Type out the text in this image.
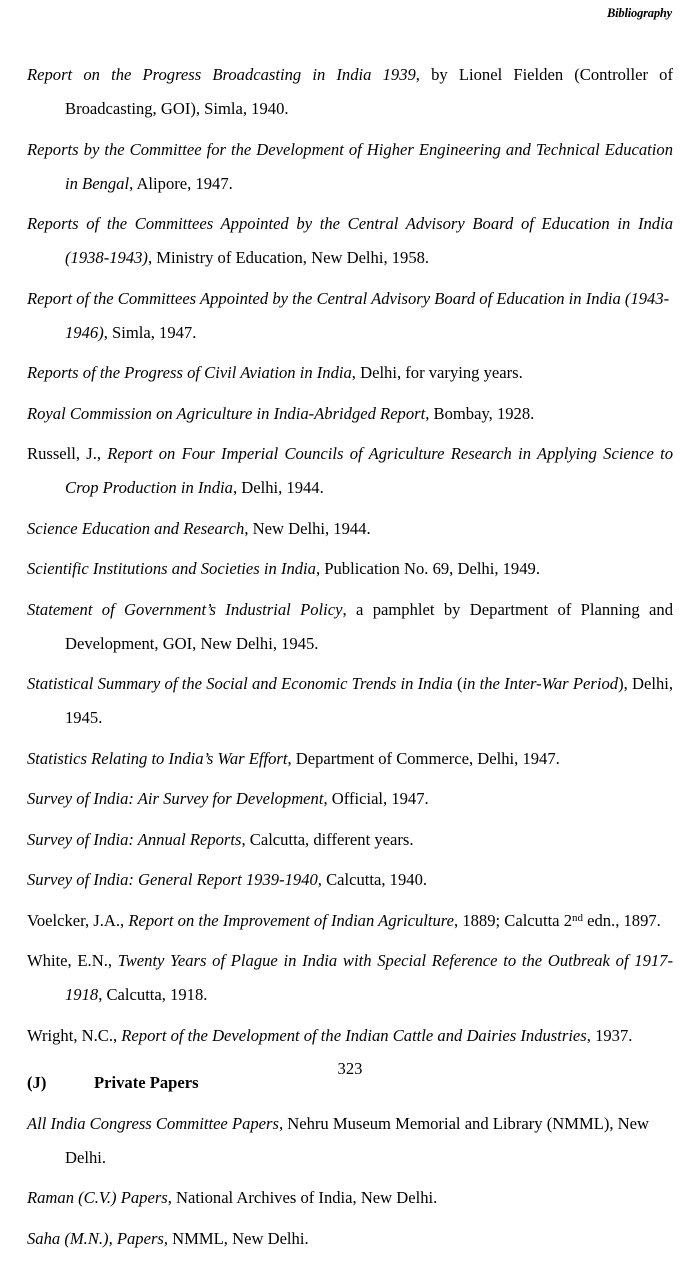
Bibliography

Report on the Progress Broadcasting in India 1939, by Lionel Fielden (Controller of Broadcasting, GOI), Simla, 1940.

Reports by the Committee for the Development of Higher Engineering and Technical Education in Bengal, Alipore, 1947.

Reports of the Committees Appointed by the Central Advisory Board of Education in India (1938-1943), Ministry of Education, New Delhi, 1958.

Report of the Committees Appointed by the Central Advisory Board of Education in India (1943-1946), Simla, 1947.

Reports of the Progress of Civil Aviation in India, Delhi, for varying years.

Royal Commission on Agriculture in India-Abridged Report, Bombay, 1928.

Russell, J., Report on Four Imperial Councils of Agriculture Research in Applying Science to Crop Production in India, Delhi, 1944.

Science Education and Research, New Delhi, 1944.

Scientific Institutions and Societies in India, Publication No. 69, Delhi, 1949.

Statement of Government’s Industrial Policy, a pamphlet by Department of Planning and Development, GOI, New Delhi, 1945.

Statistical Summary of the Social and Economic Trends in India (in the Inter-War Period), Delhi, 1945.

Statistics Relating to India’s War Effort, Department of Commerce, Delhi, 1947.

Survey of India: Air Survey for Development, Official, 1947.

Survey of India: Annual Reports, Calcutta, different years.

Survey of India: General Report 1939-1940, Calcutta, 1940.

Voelcker, J.A., Report on the Improvement of Indian Agriculture, 1889; Calcutta 2nd edn., 1897.

White, E.N., Twenty Years of Plague in India with Special Reference to the Outbreak of 1917-1918, Calcutta, 1918.

Wright, N.C., Report of the Development of the Indian Cattle and Dairies Industries, 1937.

(J)	Private Papers

All India Congress Committee Papers, Nehru Museum Memorial and Library (NMML), New Delhi.

Raman (C.V.) Papers, National Archives of India, New Delhi.

Saha (M.N.), Papers, NMML, New Delhi.

323
